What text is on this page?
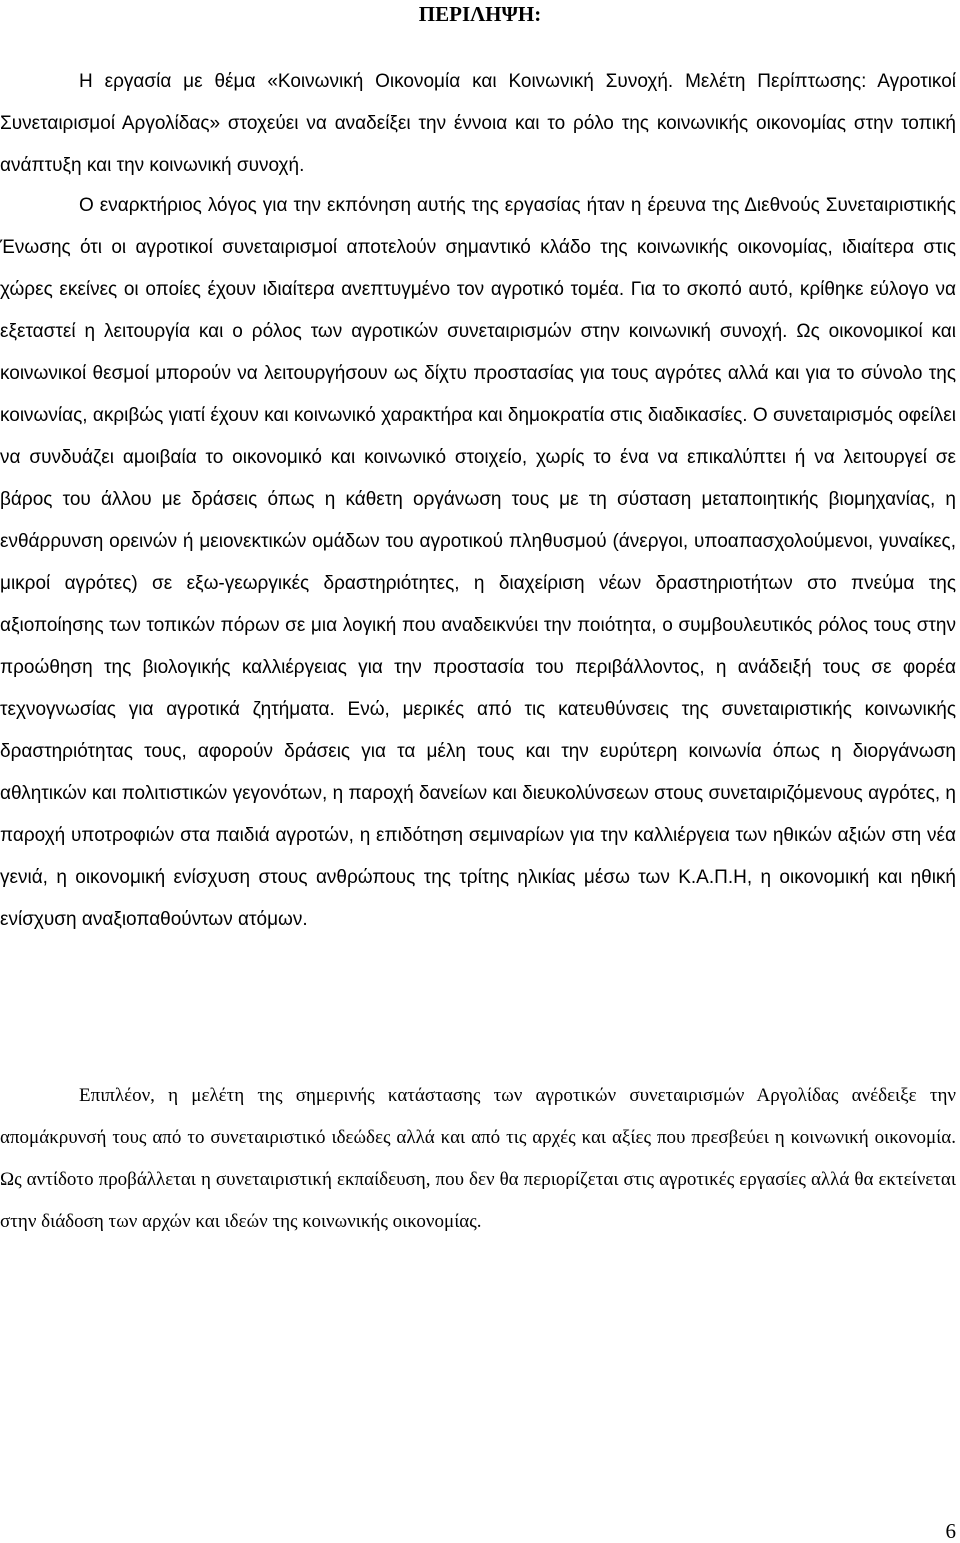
ΠΕΡΙΛΗΨΗ:

Η εργασία με θέμα «Κοινωνική Οικονομία και Κοινωνική Συνοχή. Μελέτη Περίπτωσης: Αγροτικοί Συνεταιρισμοί Αργολίδας» στοχεύει να αναδείξει την έννοια και το ρόλο της κοινωνικής οικονομίας στην τοπική ανάπτυξη και την κοινωνική συνοχή.

Ο εναρκτήριος λόγος για την εκπόνηση αυτής της εργασίας ήταν η έρευνα της Διεθνούς Συνεταιριστικής Ένωσης ότι οι αγροτικοί συνεταιρισμοί αποτελούν σημαντικό κλάδο της κοινωνικής οικονομίας, ιδιαίτερα στις χώρες εκείνες οι οποίες έχουν ιδιαίτερα ανεπτυγμένο τον αγροτικό τομέα. Για το σκοπό αυτό, κρίθηκε εύλογο να εξεταστεί η λειτουργία και ο ρόλος των αγροτικών συνεταιρισμών στην κοινωνική συνοχή. Ως οικονομικοί και κοινωνικοί θεσμοί μπορούν να λειτουργήσουν ως δίχτυ προστασίας για τους αγρότες αλλά και για το σύνολο της κοινωνίας, ακριβώς γιατί έχουν και κοινωνικό χαρακτήρα και δημοκρατία στις διαδικασίες. Ο συνεταιρισμός οφείλει να συνδυάζει αμοιβαία το οικονομικό και κοινωνικό στοιχείο, χωρίς το ένα να επικαλύπτει ή να λειτουργεί σε βάρος του άλλου με δράσεις όπως η κάθετη οργάνωση τους με τη σύσταση μεταποιητικής βιομηχανίας, η ενθάρρυνση ορεινών ή μειονεκτικών ομάδων του αγροτικού πληθυσμού (άνεργοι, υποαπασχολούμενοι, γυναίκες, μικροί αγρότες) σε εξω-γεωργικές δραστηριότητες, η διαχείριση νέων δραστηριοτήτων στο πνεύμα της αξιοποίησης των τοπικών πόρων σε μια λογική που αναδεικνύει την ποιότητα, ο συμβουλευτικός ρόλος τους στην προώθηση της βιολογικής καλλιέργειας για την προστασία του περιβάλλοντος, η ανάδειξή τους σε φορέα τεχνογνωσίας για αγροτικά ζητήματα. Ενώ, μερικές από τις κατευθύνσεις της συνεταιριστικής κοινωνικής δραστηριότητας τους, αφορούν δράσεις για τα μέλη τους και την ευρύτερη κοινωνία όπως η διοργάνωση αθλητικών και πολιτιστικών γεγονότων, η παροχή δανείων και διευκολύνσεων στους συνεταιριζόμενους αγρότες, η παροχή υποτροφιών στα παιδιά αγροτών, η επιδότηση σεμιναρίων για την καλλιέργεια των ηθικών αξιών στη νέα γενιά, η οικονομική ενίσχυση στους ανθρώπους της τρίτης ηλικίας μέσω των Κ.Α.Π.Η, η οικονομική και ηθική ενίσχυση αναξιοπαθούντων ατόμων.

Επιπλέον, η μελέτη της σημερινής κατάστασης των αγροτικών συνεταιρισμών Αργολίδας ανέδειξε την απομάκρυνσή τους από το συνεταιριστικό ιδεώδες αλλά και από τις αρχές και αξίες που πρεσβεύει η κοινωνική οικονομία. Ως αντίδοτο προβάλλεται η συνεταιριστική εκπαίδευση, που δεν θα περιορίζεται στις αγροτικές εργασίες αλλά θα εκτείνεται στην διάδοση των αρχών και ιδεών της κοινωνικής οικονομίας.

6
